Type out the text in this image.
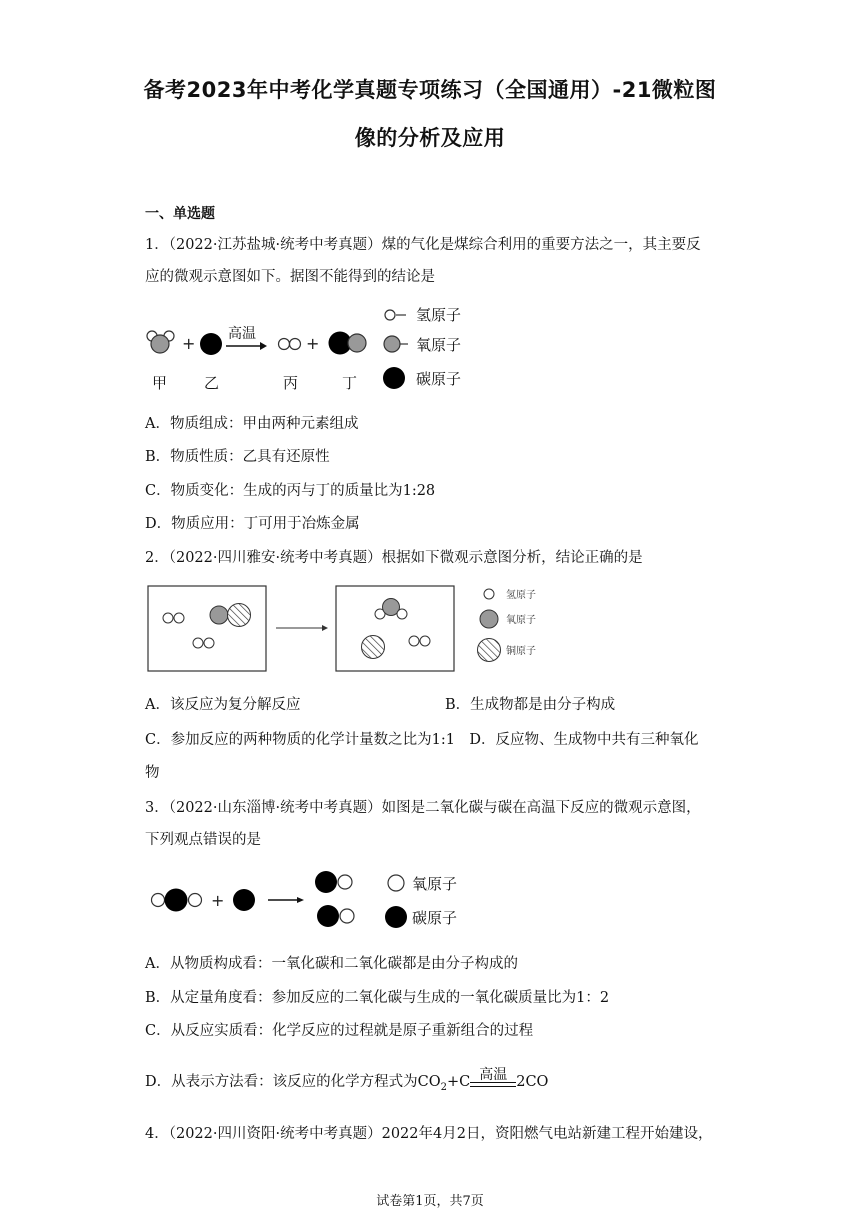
备考2023年中考化学真题专项练习（全国通用）-21微粒图
像的分析及应用
一、单选题
1．（2022·江苏盐城·统考中考真题）煤的气化是煤综合利用的重要方法之一，其主要反
应的微观示意图如下。据图不能得到的结论是
+ 高温	+
甲 乙	丙	丁
氢原子
氧原子
碳原子
A．物质组成：甲由两种元素组成
B．物质性质：乙具有还原性
C．物质变化：生成的丙与丁的质量比为1:28
D．物质应用：丁可用于冶炼金属
2．（2022·四川雅安·统考中考真题）根据如下微观示意图分析，结论正确的是
氢原子
氧原子
铜原子
A．该反应为复分解反应	B．生成物都是由分子构成
C．参加反应的两种物质的化学计量数之比为1:1　D．反应物、生成物中共有三种氧化
物
3．（2022·山东淄博·统考中考真题）如图是二氧化碳与碳在高温下反应的微观示意图，
下列观点错误的是
+
氧原子
碳原子
A．从物质构成看：一氧化碳和二氧化碳都是由分子构成的
B．从定量角度看：参加反应的二氧化碳与生成的一氧化碳质量比为1：2
C．从反应实质看：化学反应的过程就是原子重新组合的过程
D．从表示方法看：该反应的化学方程式为$CO_2+C$ 高温 2CO
4．（2022·四川资阳·统考中考真题）2022年4月2日，资阳燃气电站新建工程开始建设，
试卷第1页，共7页
